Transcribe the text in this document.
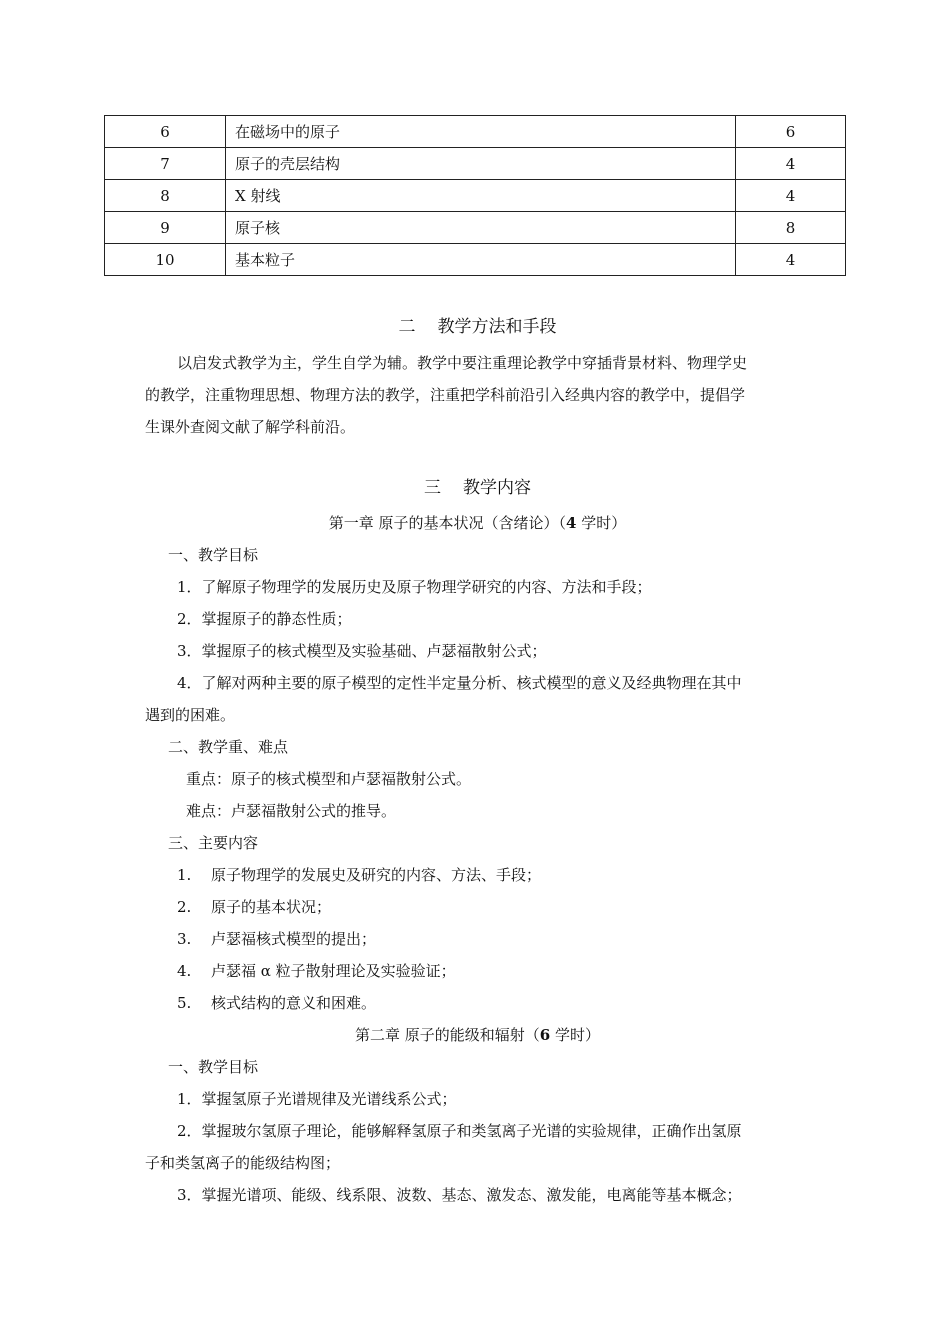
6	在磁场中的原子	6
7	原子的壳层结构	4
8	X 射线	4
9	原子核	8
10	基本粒子	4
二 教学方法和手段
以启发式教学为主，学生自学为辅。教学中要注重理论教学中穿插背景材料、物理学史
的教学，注重物理思想、物理方法的教学，注重把学科前沿引入经典内容的教学中，提倡学
生课外查阅文献了解学科前沿。
三 教学内容
第一章 原子的基本状况（含绪论）（4 学时）
一、教学目标
1．了解原子物理学的发展历史及原子物理学研究的内容、方法和手段；
2．掌握原子的静态性质；
3．掌握原子的核式模型及实验基础、卢瑟福散射公式；
4．了解对两种主要的原子模型的定性半定量分析、核式模型的意义及经典物理在其中
遇到的困难。
二、教学重、难点
重点：原子的核式模型和卢瑟福散射公式。
难点：卢瑟福散射公式的推导。
三、主要内容
1. 原子物理学的发展史及研究的内容、方法、手段；
2. 原子的基本状况；
3. 卢瑟福核式模型的提出；
4. 卢瑟福 α 粒子散射理论及实验验证；
5. 核式结构的意义和困难。
第二章 原子的能级和辐射（6 学时）
一、教学目标
1．掌握氢原子光谱规律及光谱线系公式；
2．掌握玻尔氢原子理论，能够解释氢原子和类氢离子光谱的实验规律，正确作出氢原
子和类氢离子的能级结构图；
3．掌握光谱项、能级、线系限、波数、基态、激发态、激发能，电离能等基本概念；
